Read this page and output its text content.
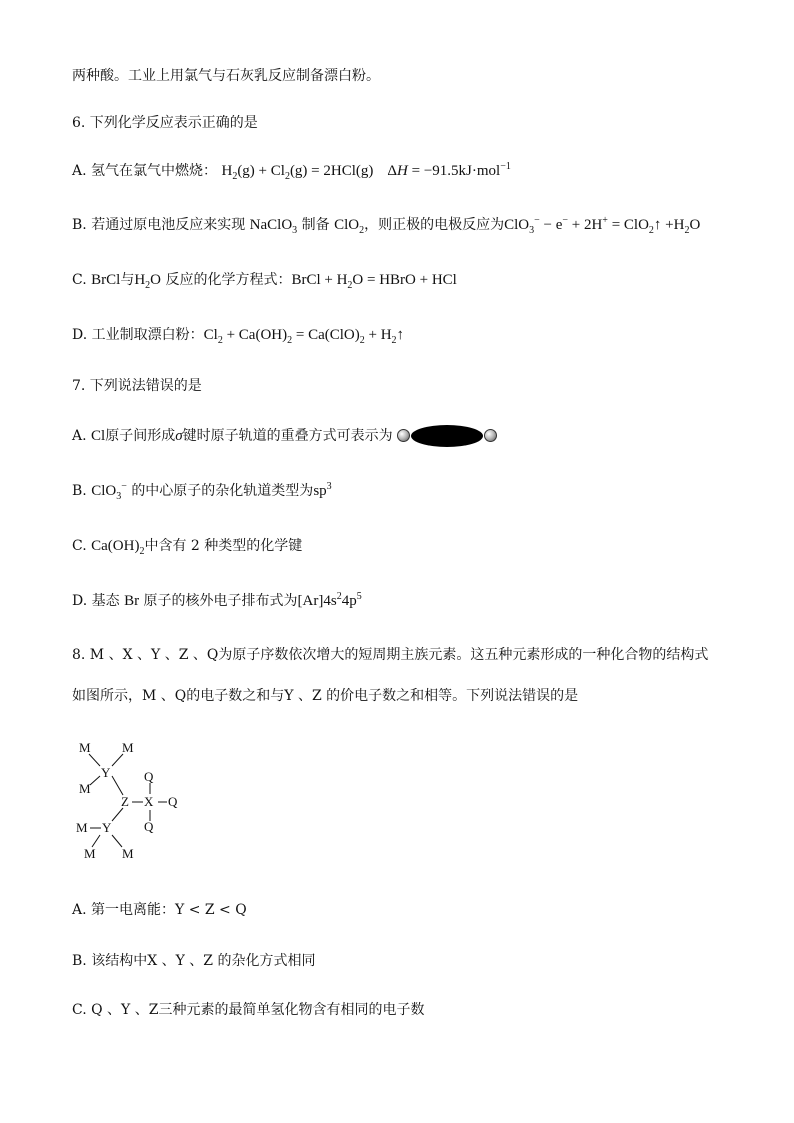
两种酸。工业上用氯气与石灰乳反应制备漂白粉。
6. 下列化学反应表示正确的是
A. 氢气在氯气中燃烧： $H_2(g) + Cl_2(g) = 2HCl(g) \Delta H = -91.5kJ\cdot mol^{-1}$
B. 若通过原电池反应来实现 NaClO$_3$ 制备 ClO$_2$，则正极的电极反应为ClO$_3$− − e− + 2H+ = ClO$_2$↑ $+H_2O$
C. BrCl与$H_2O$ 反应的化学方程式：BrCl + $H_2O$ = HBrO + HCl
D. 工业制取漂白粉：$Cl_2 + Ca(OH)_2 = Ca(ClO)_2$ + $H_2↑$
7. 下列说法错误的是
A. Cl原子间形成σ键时原子轨道的重叠方式可表示为
B. ClO$_3$− 的中心原子的杂化轨道类型为$sp^3$
C. $Ca(OH)_2$中含有 2 种类型的化学键
D. 基态 Br 原子的核外电子排布式为$[Ar]4s^24p^5$
8. M 、X 、Y 、Z 、Q为原子序数依次增大的短周期主族元素。这五种元素形成的一种化合物的结构式
如图所示，M 、Q的电子数之和与Y 、Z 的价电子数之和相等。下列说法错误的是
M M
Y
M
Q
Z X Q
Q
M Y
M M
A. 第一电离能：Y < Z < Q
B. 该结构中X 、Y 、Z 的杂化方式相同
C. Q 、Y 、Z三种元素的最简单氢化物含有相同的电子数
